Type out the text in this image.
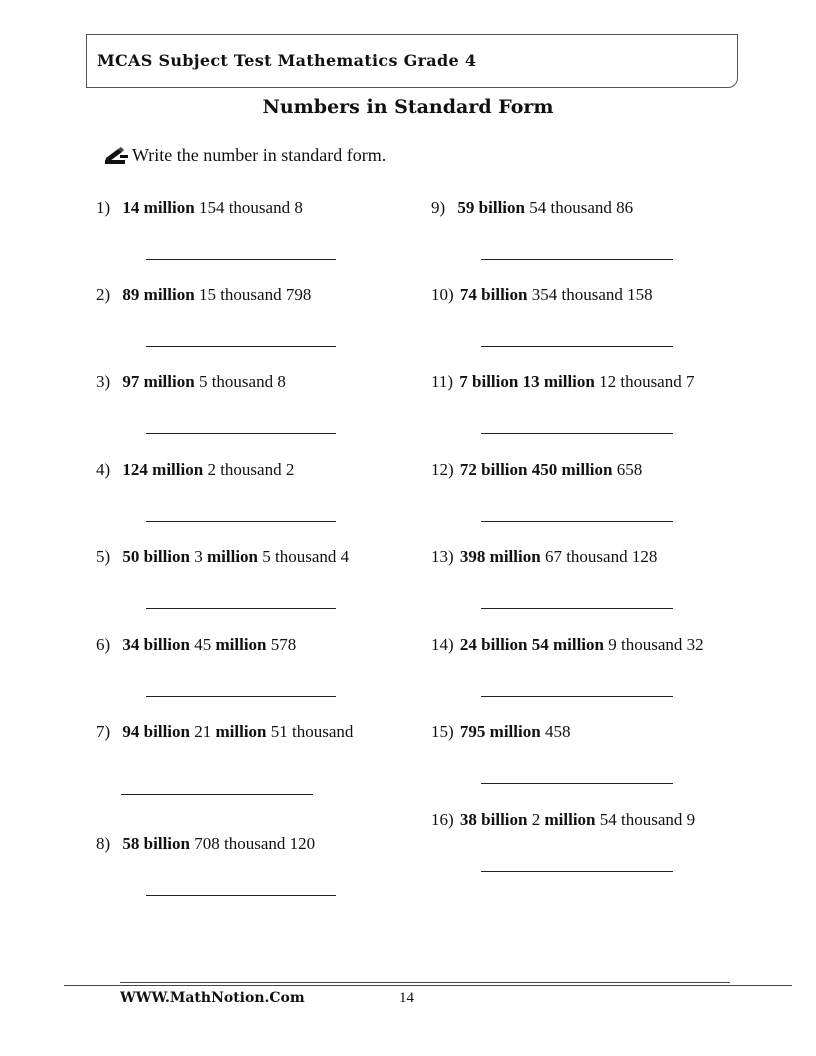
MCAS Subject Test Mathematics Grade 4
Numbers in Standard Form
Write the number in standard form.
1) 14 million 154 thousand 8
2) 89 million 15 thousand 798
3) 97 million 5 thousand 8
4) 124 million 2 thousand 2
5) 50 billion 3 million 5 thousand 4
6) 34 billion 45 million 578
7) 94 billion 21 million 51 thousand
8) 58 billion 708 thousand 120
9) 59 billion 54 thousand 86
10) 74 billion 354 thousand 158
11) 7 billion 13 million 12 thousand 7
12) 72 billion 450 million 658
13) 398 million 67 thousand 128
14) 24 billion 54 million 9 thousand 32
15) 795 million 458
16) 38 billion 2 million 54 thousand 9
WWW.MathNotion.Com	14
